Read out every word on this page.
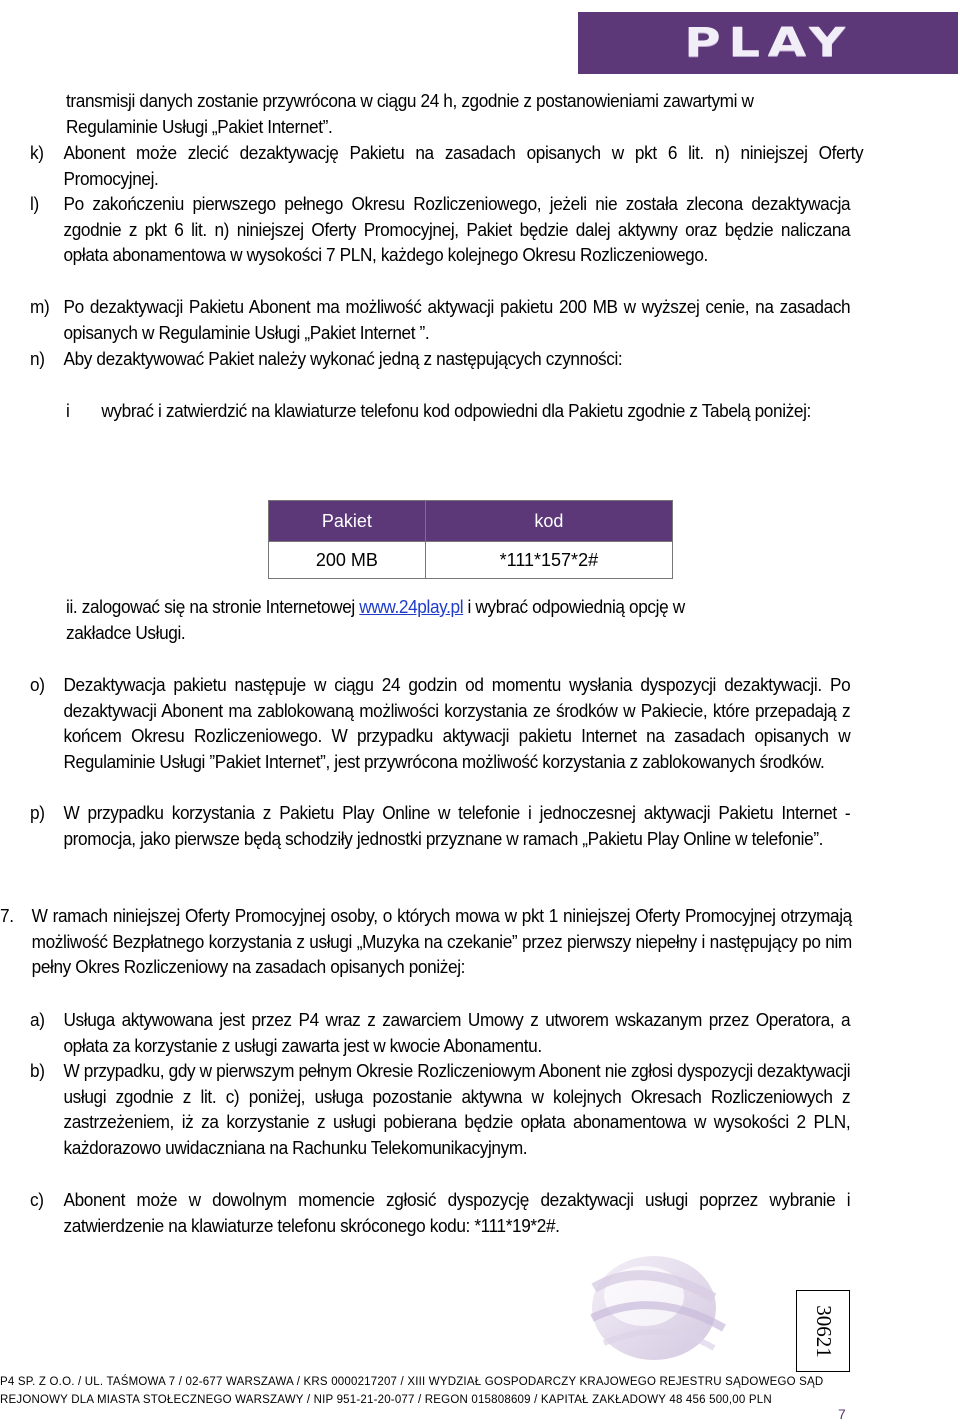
PLAY
transmisji danych zostanie przywrócona w ciągu 24 h, zgodnie z postanowieniami zawartymi w
Regulaminie Usługi „Pakiet Internet”.
k) Abonent może zlecić dezaktywację Pakietu na zasadach opisanych w pkt 6 lit. n) niniejszej Oferty Promocyjnej.
l) Po zakończeniu pierwszego pełnego Okresu Rozliczeniowego, jeżeli nie została zlecona dezaktywacja zgodnie z pkt 6 lit. n) niniejszej Oferty Promocyjnej, Pakiet będzie dalej aktywny oraz będzie naliczana opłata abonamentowa w wysokości 7 PLN, każdego kolejnego Okresu Rozliczeniowego.
m) Po dezaktywacji Pakietu Abonent ma możliwość aktywacji pakietu 200 MB w wyższej cenie, na zasadach opisanych w Regulaminie Usługi „Pakiet Internet ”.
n) Aby dezaktywować Pakiet należy wykonać jedną z następujących czynności:
i wybrać i zatwierdzić na klawiaturze telefonu kod odpowiedni dla Pakietu zgodnie z Tabelą poniżej:
Pakiet	kod
200 MB	*111*157*2#
ii. zalogować się na stronie Internetowej www.24play.pl i wybrać odpowiednią opcję w
zakładce Usługi.
o) Dezaktywacja pakietu następuje w ciągu 24 godzin od momentu wysłania dyspozycji dezaktywacji. Po dezaktywacji Abonent ma zablokowaną możliwości korzystania ze środków w Pakiecie, które przepadają z końcem Okresu Rozliczeniowego. W przypadku aktywacji pakietu Internet na zasadach opisanych w Regulaminie Usługi ”Pakiet Internet”, jest przywrócona możliwość korzystania z zablokowanych środków.
p) W przypadku korzystania z Pakietu Play Online w telefonie i jednoczesnej aktywacji Pakietu Internet - promocja, jako pierwsze będą schodziły jednostki przyznane w ramach „Pakietu Play Online w telefonie”.
7. W ramach niniejszej Oferty Promocyjnej osoby, o których mowa w pkt 1 niniejszej Oferty Promocyjnej otrzymają możliwość Bezpłatnego korzystania z usługi „Muzyka na czekanie” przez pierwszy niepełny i następujący po nim pełny Okres Rozliczeniowy na zasadach opisanych poniżej:
a) Usługa aktywowana jest przez P4 wraz z zawarciem Umowy z utworem wskazanym przez Operatora, a opłata za korzystanie z usługi zawarta jest w kwocie Abonamentu.
b) W przypadku, gdy w pierwszym pełnym Okresie Rozliczeniowym Abonent nie zgłosi dyspozycji dezaktywacji usługi zgodnie z lit. c) poniżej, usługa pozostanie aktywna w kolejnych Okresach Rozliczeniowych z zastrzeżeniem, iż za korzystanie z usługi pobierana będzie opłata abonamentowa w wysokości 2 PLN, każdorazowo uwidaczniana na Rachunku Telekomunikacyjnym.
c) Abonent może w dowolnym momencie zgłosić dyspozycję dezaktywacji usługi poprzez wybranie i zatwierdzenie na klawiaturze telefonu skróconego kodu: *111*19*2#.
30621
P4 SP. Z O.O. / UL. TAŚMOWA 7 / 02-677 WARSZAWA / KRS 0000217207 / XIII WYDZIAŁ GOSPODARCZY KRAJOWEGO REJESTRU SĄDOWEGO SĄD
REJONOWY DLA MIASTA STOŁECZNEGO WARSZAWY / NIP 951-21-20-077 / REGON 015808609 / KAPITAŁ ZAKŁADOWY 48 456 500,00 PLN
7
